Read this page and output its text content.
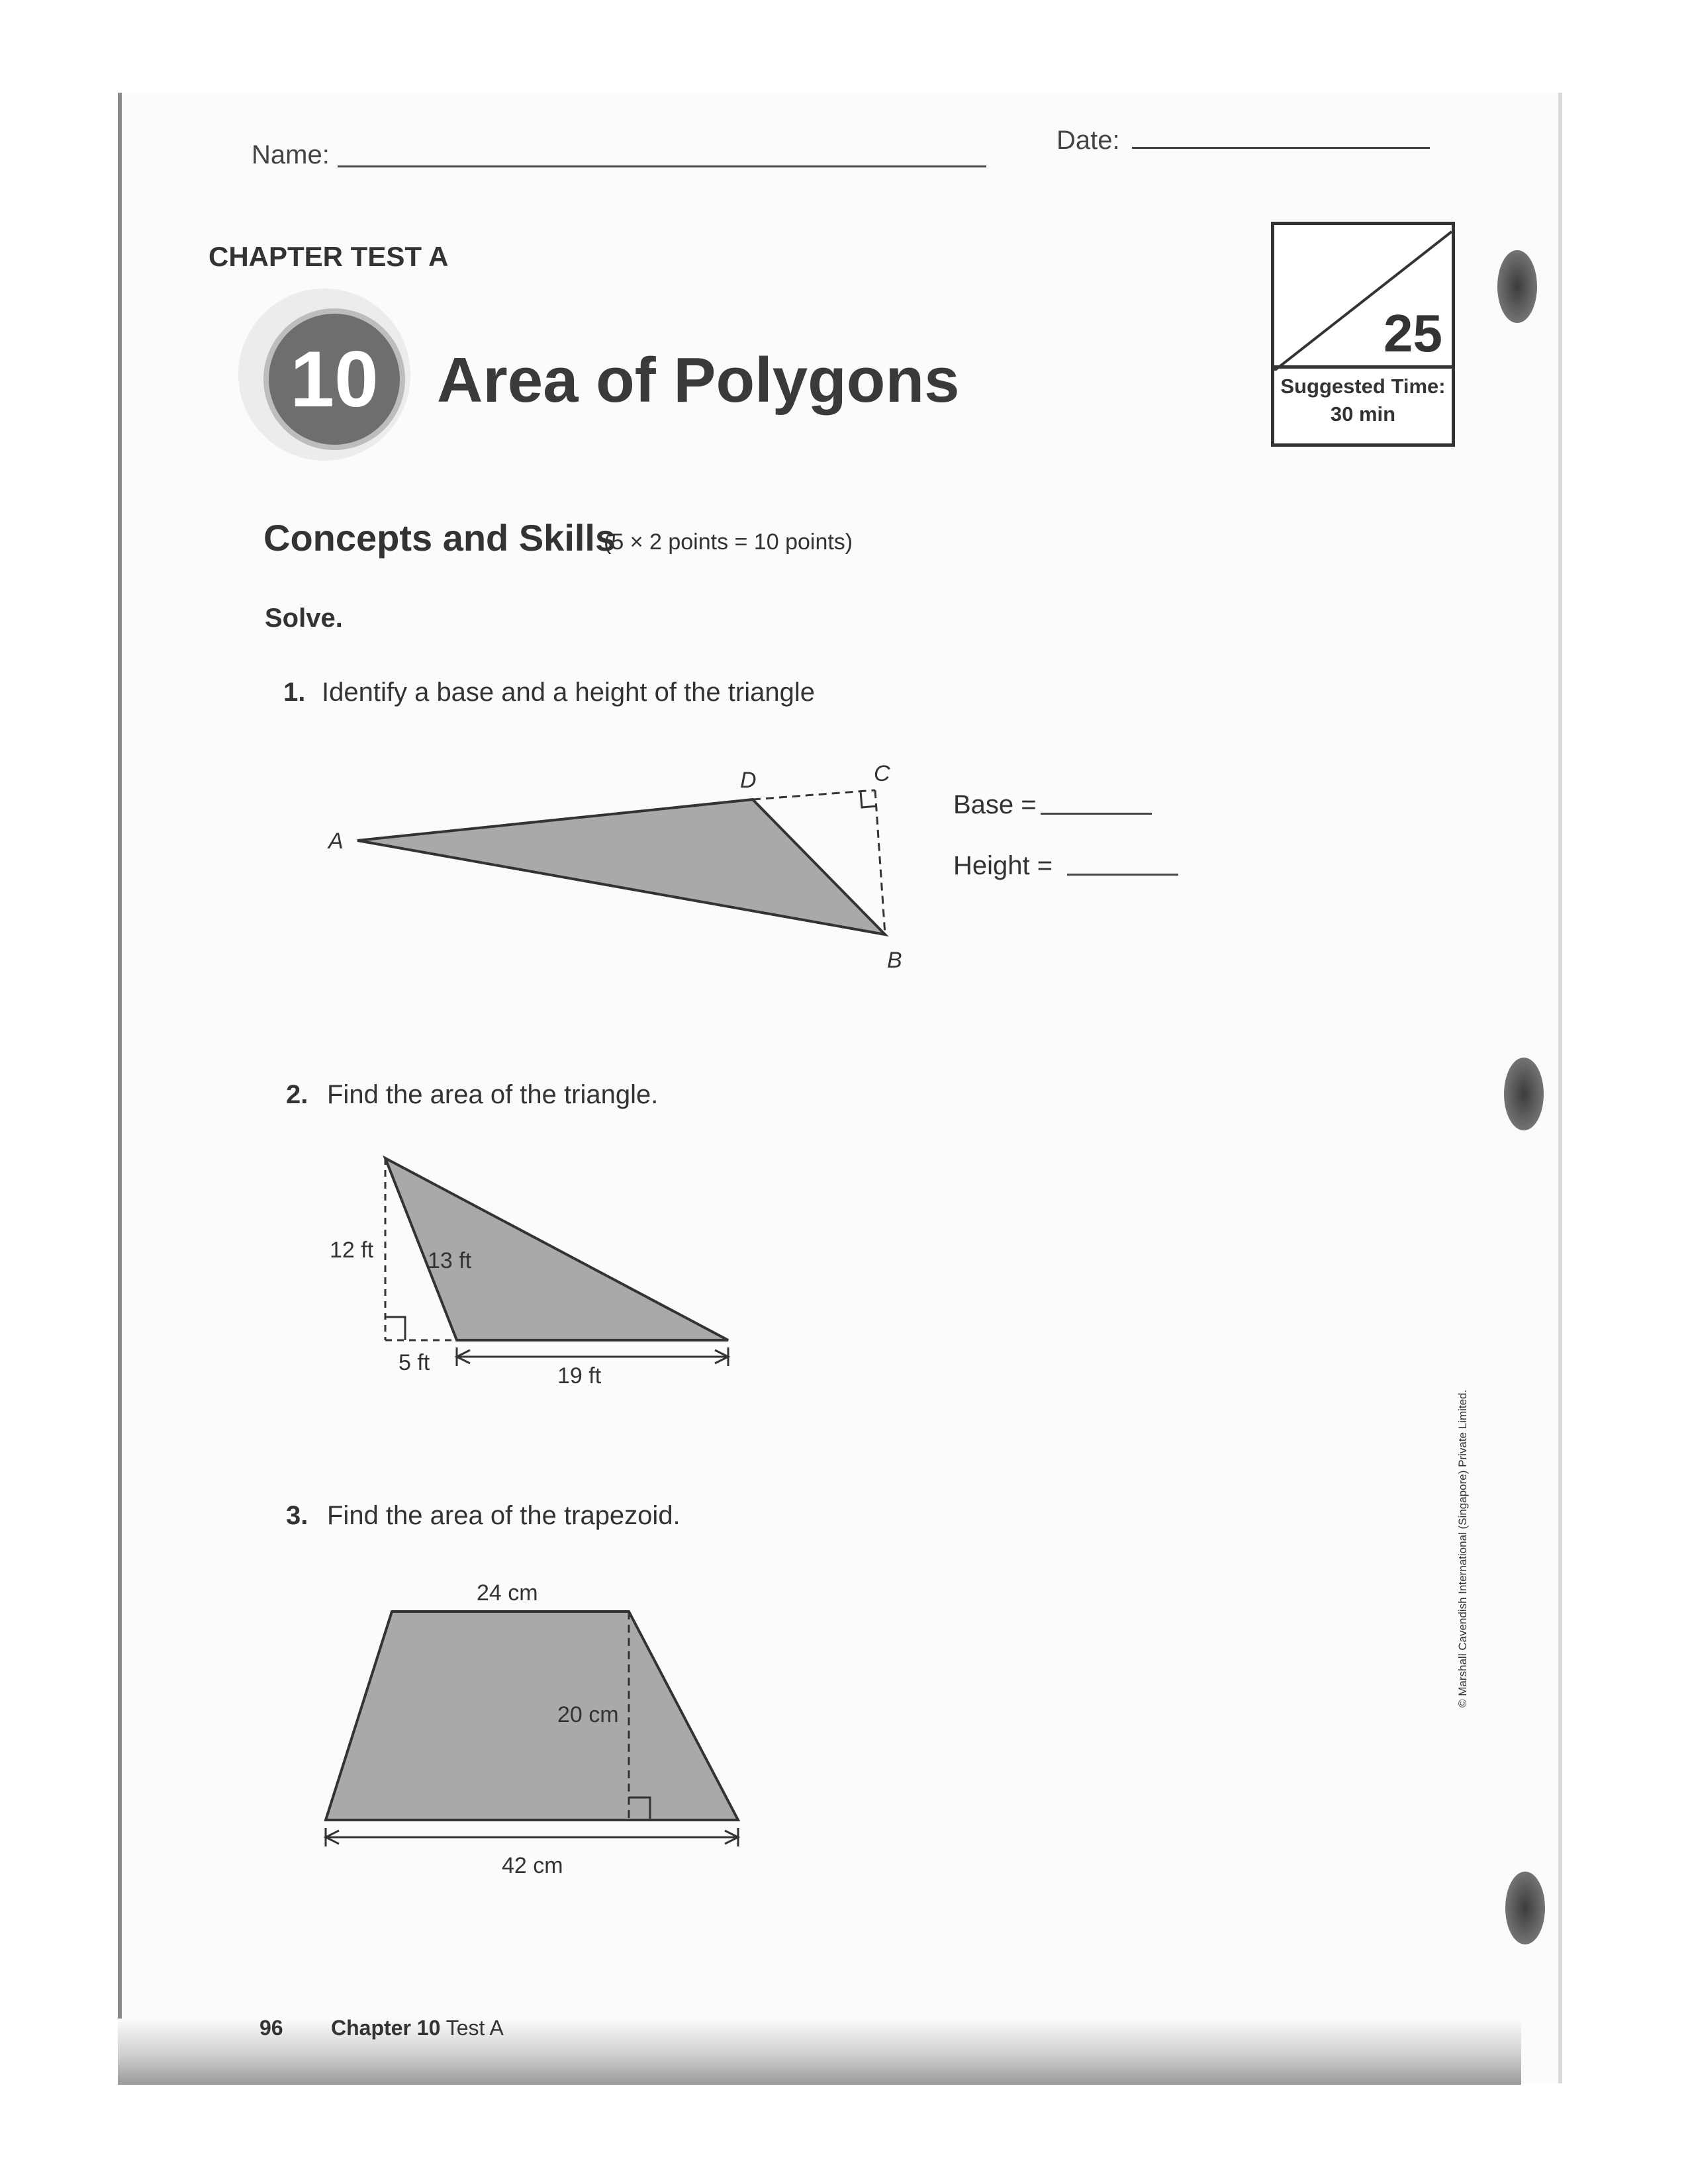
Name:	Date:
CHAPTER TEST A
10 Area of Polygons
25
Suggested Time:
30 min
Concepts and Skills
(5 × 2 points = 10 points)
Solve.
1. Identify a base and a height of the triangle
A
B
C
D
Base =
Height =
2. Find the area of the triangle.
12 ft 13 ft
5 ft
19 ft
3. Find the area of the trapezoid.
24 cm
20 cm
42 cm
© Marshall Cavendish International (Singapore) Private Limited.
96 Chapter 10 Test A
